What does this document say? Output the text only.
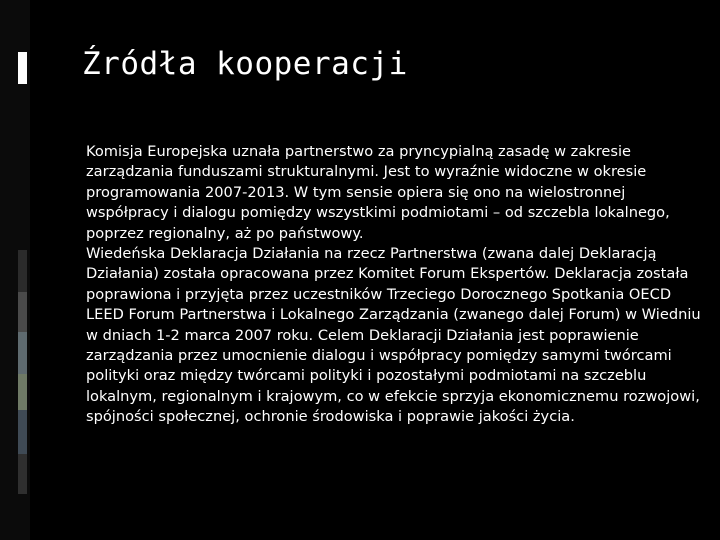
Źródła kooperacji

Komisja Europejska uznała partnerstwo za pryncypialną zasadę w zakresie zarządzania funduszami strukturalnymi. Jest to wyraźnie widoczne w okresie programowania 2007-2013. W tym sensie opiera się ono na wielostronnej współpracy i dialogu pomiędzy wszystkimi podmiotami – od szczebla lokalnego, poprzez regionalny, aż po państwowy.

Wiedeńska Deklaracja Działania na rzecz Partnerstwa (zwana dalej Deklaracją Działania) została opracowana przez Komitet Forum Ekspertów. Deklaracja została poprawiona i przyjęta przez uczestników Trzeciego Dorocznego Spotkania OECD LEED Forum Partnerstwa i Lokalnego Zarządzania (zwanego dalej Forum) w Wiedniu w dniach 1-2 marca 2007 roku. Celem Deklaracji Działania jest poprawienie zarządzania przez umocnienie dialogu i współpracy pomiędzy samymi twórcami polityki oraz między twórcami polityki i pozostałymi podmiotami na szczeblu lokalnym, regionalnym i krajowym, co w efekcie sprzyja ekonomicznemu rozwojowi, spójności społecznej, ochronie środowiska i poprawie jakości życia.
